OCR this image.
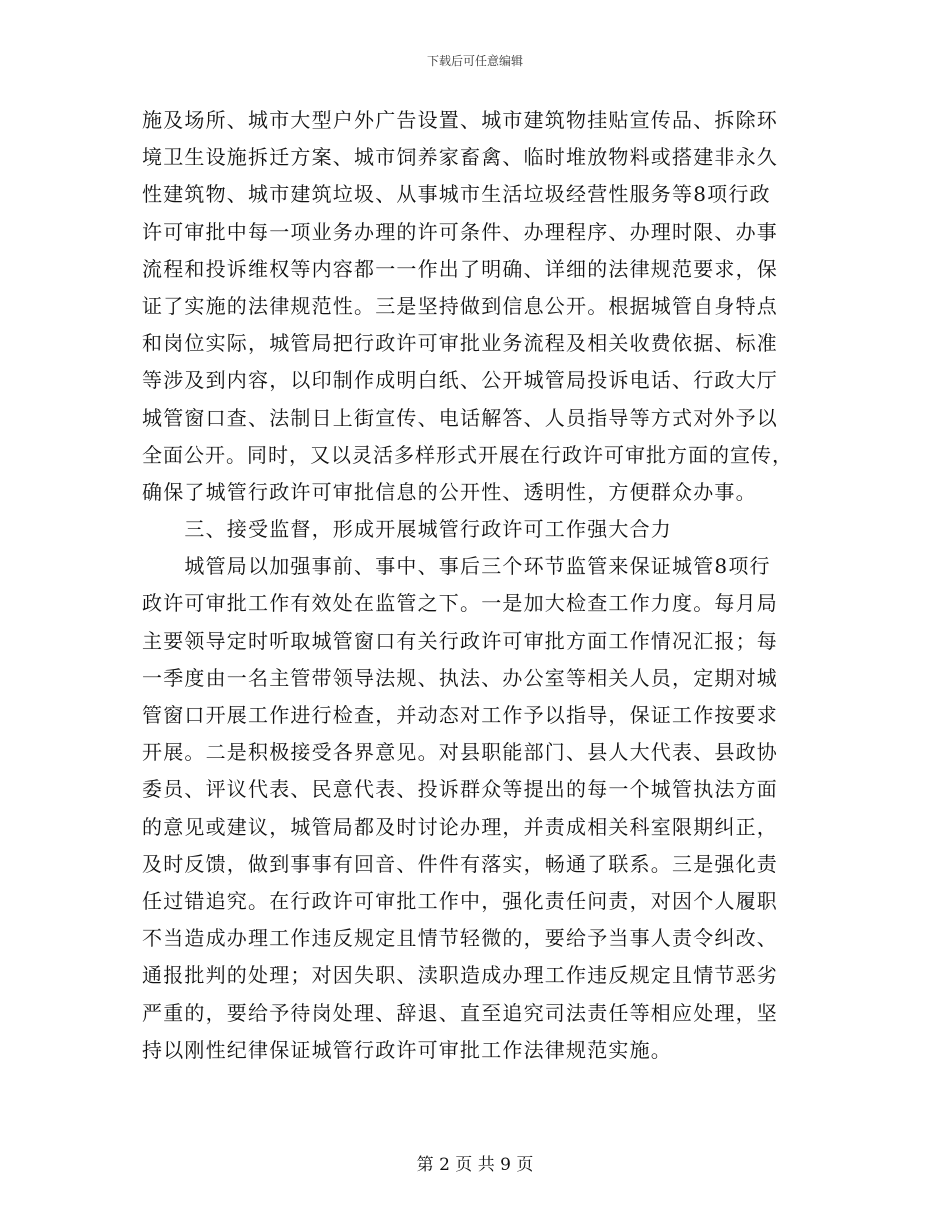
下载后可任意编辑
施及场所、城市大型户外广告设置、城市建筑物挂贴宣传品、拆除环
境卫生设施拆迁方案、城市饲养家畜禽、临时堆放物料或搭建非永久
性建筑物、城市建筑垃圾、从事城市生活垃圾经营性服务等8项行政
许可审批中每一项业务办理的许可条件、办理程序、办理时限、办事
流程和投诉维权等内容都一一作出了明确、详细的法律规范要求，保
证了实施的法律规范性。三是坚持做到信息公开。根据城管自身特点
和岗位实际，城管局把行政许可审批业务流程及相关收费依据、标准
等涉及到内容，以印制作成明白纸、公开城管局投诉电话、行政大厅
城管窗口查、法制日上街宣传、电话解答、人员指导等方式对外予以
全面公开。同时，又以灵活多样形式开展在行政许可审批方面的宣传，
确保了城管行政许可审批信息的公开性、透明性，方便群众办事。
　　三、接受监督，形成开展城管行政许可工作强大合力
　　城管局以加强事前、事中、事后三个环节监管来保证城管8项行
政许可审批工作有效处在监管之下。一是加大检查工作力度。每月局
主要领导定时听取城管窗口有关行政许可审批方面工作情况汇报；每
一季度由一名主管带领导法规、执法、办公室等相关人员，定期对城
管窗口开展工作进行检查，并动态对工作予以指导，保证工作按要求
开展。二是积极接受各界意见。对县职能部门、县人大代表、县政协
委员、评议代表、民意代表、投诉群众等提出的每一个城管执法方面
的意见或建议，城管局都及时讨论办理，并责成相关科室限期纠正，
及时反馈，做到事事有回音、件件有落实，畅通了联系。三是强化责
任过错追究。在行政许可审批工作中，强化责任问责，对因个人履职
不当造成办理工作违反规定且情节轻微的，要给予当事人责令纠改、
通报批判的处理；对因失职、渎职造成办理工作违反规定且情节恶劣
严重的，要给予待岗处理、辞退、直至追究司法责任等相应处理，坚
持以刚性纪律保证城管行政许可审批工作法律规范实施。
第 2 页 共 9 页
